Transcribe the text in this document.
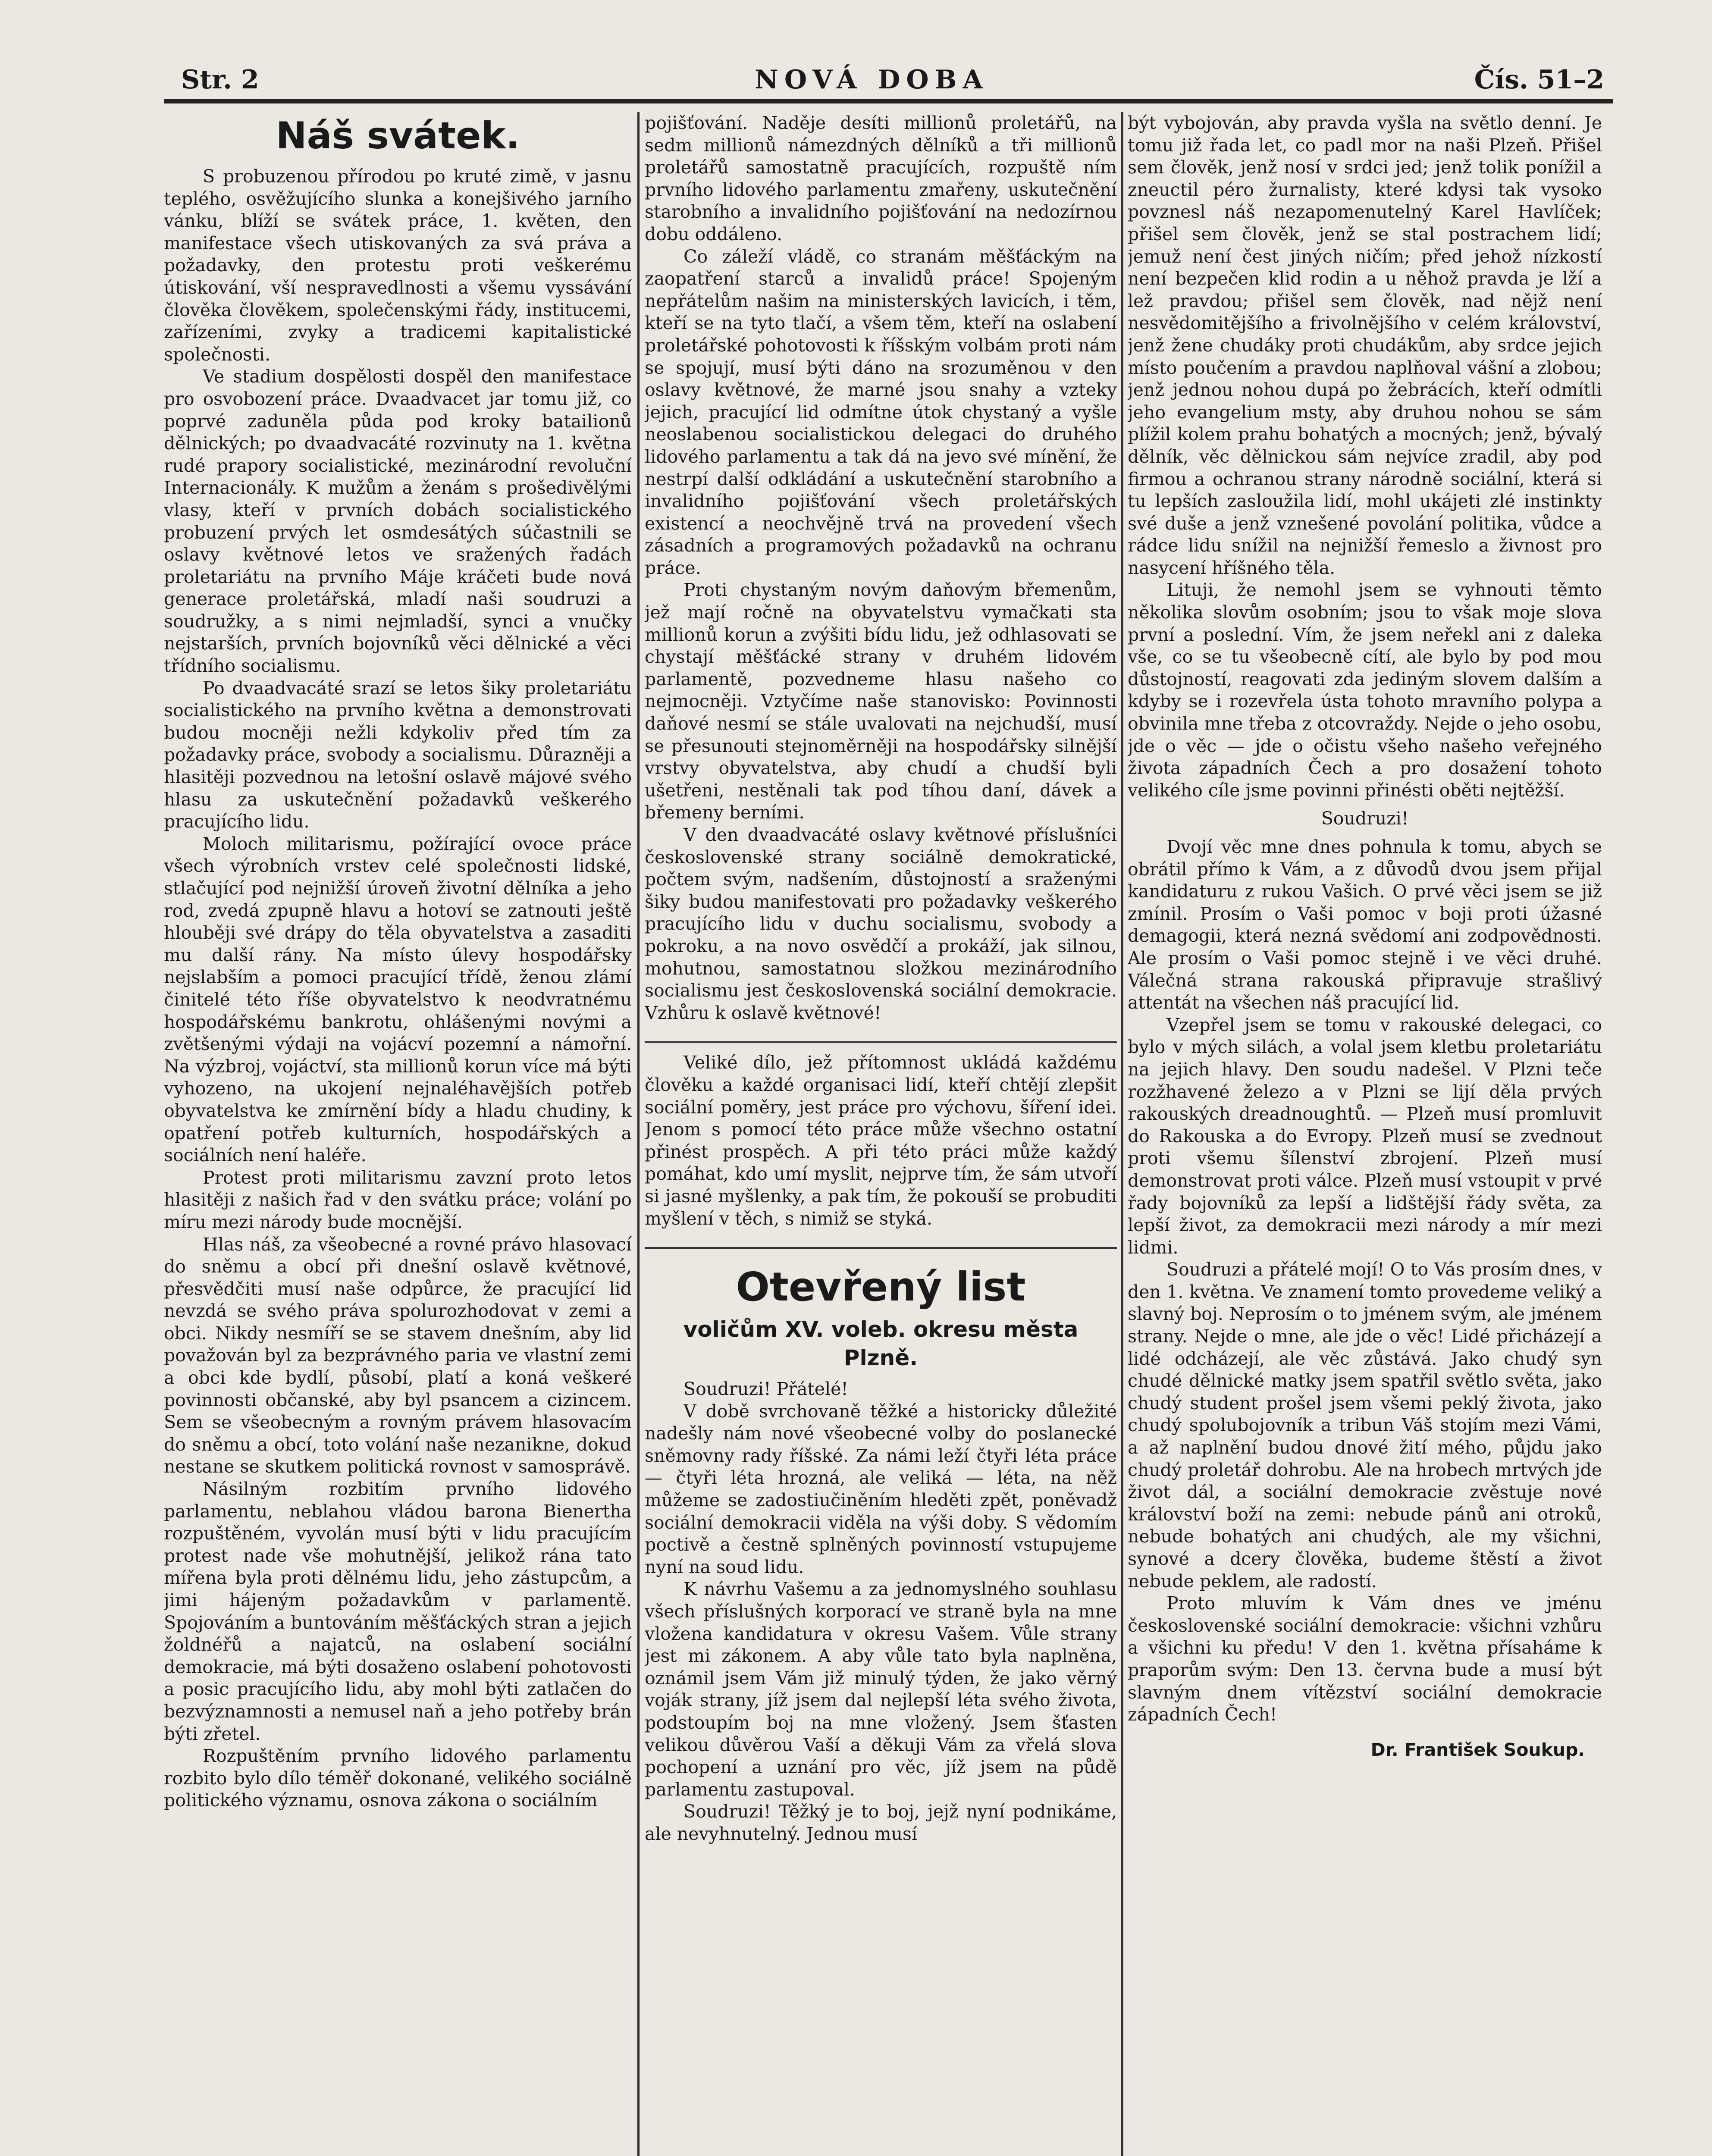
Str. 2	NOVÁ DOBA	Čís. 51–2
Náš svátek.

S probuzenou přírodou po kruté zimě, v jasnu teplého, osvěžujícího slunka a konejšivého jarního vánku, blíží se svátek práce, 1. květen, den manifestace všech utiskovaných za svá práva a požadavky, den protestu proti veškerému útiskování, vší nespravedlnosti a všemu vyssávání člověka člověkem, společenskými řády, institucemi, zařízeními, zvyky a tradicemi kapitalistické společnosti.

Ve stadium dospělosti dospěl den manifestace pro osvobození práce. Dvaadvacet jar tomu již, co poprvé zaduněla půda pod kroky batailionů dělnických; po dvaadvacáté rozvinuty na 1. května rudé prapory socialistické, mezinárodní revoluční Internacionály. K mužům a ženám s prošedivělými vlasy, kteří v prvních dobách socialistického probuzení prvých let osmdesátých súčastnili se oslavy květnové letos ve sražených řadách proletariátu na prvního Máje kráčeti bude nová generace proletářská, mladí naši soudruzi a soudružky, a s nimi nejmladší, synci a vnučky nejstarších, prvních bojovníků věci dělnické a věci třídního socialismu.

Po dvaadvacáté srazí se letos šiky proletariátu socialistického na prvního května a demonstrovati budou mocněji nežli kdykoliv před tím za požadavky práce, svobody a socialismu. Důrazněji a hlasitěji pozvednou na letošní oslavě májové svého hlasu za uskutečnění požadavků veškerého pracujícího lidu.

Moloch militarismu, požírající ovoce práce všech výrobních vrstev celé společnosti lidské, stlačující pod nejnižší úroveň životní dělníka a jeho rod, zvedá zpupně hlavu a hotoví se zatnouti ještě hlouběji své drápy do těla obyvatelstva a zasaditi mu další rány. Na místo úlevy hospodářsky nejslabším a pomoci pracující třídě, ženou zlámí činitelé této říše obyvatelstvo k neodvratnému hospodářskému bankrotu, ohlášenými novými a zvětšenými výdaji na vojácví pozemní a námořní. Na výzbroj, vojáctví, sta millionů korun více má býti vyhozeno, na ukojení nejnaléhavějších potřeb obyvatelstva ke zmírnění bídy a hladu chudiny, k opatření potřeb kulturních, hospodářských a sociálních není haléře.

Protest proti militarismu zavzní proto letos hlasitěji z našich řad v den svátku práce; volání po míru mezi národy bude mocnější.

Hlas náš, za všeobecné a rovné právo hlasovací do sněmu a obcí při dnešní oslavě květnové, přesvědčiti musí naše odpůrce, že pracující lid nevzdá se svého práva spolurozhodovat v zemi a obci. Nikdy nesmíří se se stavem dnešním, aby lid považován byl za bezprávného paria ve vlastní zemi a obci kde bydlí, působí, platí a koná veškeré povinnosti občanské, aby byl psancem a cizincem. Sem se všeobecným a rovným právem hlasovacím do sněmu a obcí, toto volání naše nezanikne, dokud nestane se skutkem politická rovnost v samosprávě.

Násilným rozbitím prvního lidového parlamentu, neblahou vládou barona Bienertha rozpuštěném, vyvolán musí býti v lidu pracujícím protest nade vše mohutnější, jelikož rána tato mířena byla proti dělnému lidu, jeho zástupcům, a jimi hájeným požadavkům v parlamentě. Spojováním a buntováním měšťáckých stran a jejich žoldnéřů a najatců, na oslabení sociální demokracie, má býti dosaženo oslabení pohotovosti a posic pracujícího lidu, aby mohl býti zatlačen do bezvýznamnosti a nemusel naň a jeho potřeby brán býti zřetel.

Rozpuštěním prvního lidového parlamentu rozbito bylo dílo téměř dokonané, velikého sociálně politického významu, osnova zákona o sociálním

pojišťování. Naděje desíti millionů proletářů, na sedm millionů námezdných dělníků a tři millionů proletářů samostatně pracujících, rozpuště ním prvního lidového parlamentu zmařeny, uskutečnění starobního a invalidního pojišťování na nedozírnou dobu oddáleno.

Co záleží vládě, co stranám měšťáckým na zaopatření starců a invalidů práce! Spojeným nepřátelům našim na ministerských lavicích, i těm, kteří se na tyto tlačí, a všem těm, kteří na oslabení proletářské pohotovosti k říšským volbám proti nám se spojují, musí býti dáno na srozuměnou v den oslavy květnové, že marné jsou snahy a vzteky jejich, pracující lid odmítne útok chystaný a vyšle neoslabenou socialistickou delegaci do druhého lidového parlamentu a tak dá na jevo své mínění, že nestrpí další odkládání a uskutečnění starobního a invalidního pojišťování všech proletářských existencí a neochvějně trvá na provedení všech zásadních a programových požadavků na ochranu práce.

Proti chystaným novým daňovým břemenům, jež mají ročně na obyvatelstvu vymačkati sta millionů korun a zvýšiti bídu lidu, jež odhlasovati se chystají měšťácké strany v druhém lidovém parlamentě, pozvedneme hlasu našeho co nejmocněji. Vztyčíme naše stanovisko: Povinnosti daňové nesmí se stále uvalovati na nejchudší, musí se přesunouti stejnoměrněji na hospodářsky silnější vrstvy obyvatelstva, aby chudí a chudší byli ušetřeni, nestěnali tak pod tíhou daní, dávek a břemeny berními.

V den dvaadvacáté oslavy květnové příslušníci československé strany sociálně demokratické, počtem svým, nadšením, důstojností a sraženými šiky budou manifestovati pro požadavky veškerého pracujícího lidu v duchu socialismu, svobody a pokroku, a na novo osvědčí a prokáží, jak silnou, mohutnou, samostatnou složkou mezinárodního socialismu jest československá sociální demokracie. Vzhůru k oslavě květnové!

Veliké dílo, jež přítomnost ukládá každému člověku a každé organisaci lidí, kteří chtějí zlepšit sociální poměry, jest práce pro výchovu, šíření idei. Jenom s pomocí této práce může všechno ostatní přinést prospěch. A při této práci může každý pomáhat, kdo umí myslit, nejprve tím, že sám utvoří si jasné myšlenky, a pak tím, že pokouší se probuditi myšlení v těch, s nimiž se styká.

Otevřený list
voličům XV. voleb. okresu města Plzně.

Soudruzi! Přátelé!

V době svrchovaně těžké a historicky důležité nadešly nám nové všeobecné volby do poslanecké sněmovny rady říšské. Za námi leží čtyři léta práce — čtyři léta hrozná, ale veliká — léta, na něž můžeme se zadostiučiněním hleděti zpět, poněvadž sociální demokracii viděla na výši doby. S vědomím poctivě a čestně splněných povinností vstupujeme nyní na soud lidu.

K návrhu Vašemu a za jednomyslného souhlasu všech příslušných korporací ve straně byla na mne vložena kandidatura v okresu Vašem. Vůle strany jest mi zákonem. A aby vůle tato byla naplněna, oznámil jsem Vám již minulý týden, že jako věrný voják strany, jíž jsem dal nejlepší léta svého života, podstoupím boj na mne vložený. Jsem šťasten velikou důvěrou Vaší a děkuji Vám za vřelá slova pochopení a uznání pro věc, jíž jsem na půdě parlamentu zastupoval.

Soudruzi! Těžký je to boj, jejž nyní podnikáme, ale nevyhnutelný. Jednou musí

být vybojován, aby pravda vyšla na světlo denní. Je tomu již řada let, co padl mor na naši Plzeň. Přišel sem člověk, jenž nosí v srdci jed; jenž tolik ponížil a zneuctil péro žurnalisty, které kdysi tak vysoko povznesl náš nezapomenutelný Karel Havlíček; přišel sem člověk, jenž se stal postrachem lidí; jemuž není čest jiných ničím; před jehož nízkostí není bezpečen klid rodin a u něhož pravda je lží a lež pravdou; přišel sem člověk, nad nějž není nesvědomitějšího a frivolnějšího v celém království, jenž žene chudáky proti chudákům, aby srdce jejich místo poučením a pravdou naplňoval vášní a zlobou; jenž jednou nohou dupá po žebrácích, kteří odmítli jeho evangelium msty, aby druhou nohou se sám plížil kolem prahu bohatých a mocných; jenž, bývalý dělník, věc dělnickou sám nejvíce zradil, aby pod firmou a ochranou strany národně sociální, která si tu lepších zasloužila lidí, mohl ukájeti zlé instinkty své duše a jenž vznešené povolání politika, vůdce a rádce lidu snížil na nejnižší řemeslo a živnost pro nasycení hříšného těla.

Lituji, že nemohl jsem se vyhnouti těmto několika slovům osobním; jsou to však moje slova první a poslední. Vím, že jsem neřekl ani z daleka vše, co se tu všeobecně cítí, ale bylo by pod mou důstojností, reagovati zda jediným slovem dalším a kdyby se i rozevřela ústa tohoto mravního polypa a obvinila mne třeba z otcovraždy. Nejde o jeho osobu, jde o věc — jde o očistu všeho našeho veřejného života západních Čech a pro dosažení tohoto velikého cíle jsme povinni přinésti oběti nejtěžší.

Soudruzi!

Dvojí věc mne dnes pohnula k tomu, abych se obrátil přímo k Vám, a z důvodů dvou jsem přijal kandidaturu z rukou Vašich. O prvé věci jsem se již zmínil. Prosím o Vaši pomoc v boji proti úžasné demagogii, která nezná svědomí ani zodpovědnosti. Ale prosím o Vaši pomoc stejně i ve věci druhé. Válečná strana rakouská připravuje strašlivý attentát na všechen náš pracující lid.

Vzepřel jsem se tomu v rakouské delegaci, co bylo v mých silách, a volal jsem kletbu proletariátu na jejich hlavy. Den soudu nadešel. V Plzni teče rozžhavené železo a v Plzni se lijí děla prvých rakouských dreadnoughtů. — Plzeň musí promluvit do Rakouska a do Evropy. Plzeň musí se zvednout proti všemu šílenství zbrojení. Plzeň musí demonstrovat proti válce. Plzeň musí vstoupit v prvé řady bojovníků za lepší a lidštější řády světa, za lepší život, za demokracii mezi národy a mír mezi lidmi.

Soudruzi a přátelé mojí! O to Vás prosím dnes, v den 1. května. Ve znamení tomto provedeme veliký a slavný boj. Neprosím o to jménem svým, ale jménem strany. Nejde o mne, ale jde o věc! Lidé přicházejí a lidé odcházejí, ale věc zůstává. Jako chudý syn chudé dělnické matky jsem spatřil světlo světa, jako chudý student prošel jsem všemi peklý života, jako chudý spolubojovník a tribun Váš stojím mezi Vámi, a až naplnění budou dnové žití mého, půjdu jako chudý proletář dohrobu. Ale na hrobech mrtvých jde život dál, a sociální demokracie zvěstuje nové království boží na zemi: nebude pánů ani otroků, nebude bohatých ani chudých, ale my všichni, synové a dcery člověka, budeme štěstí a život nebude peklem, ale radostí.

Proto mluvím k Vám dnes ve jménu československé sociální demokracie: všichni vzhůru a všichni ku předu! V den 1. května přísaháme k praporům svým: Den 13. června bude a musí být slavným dnem vítězství sociální demokracie západních Čech!

Dr. František Soukup.
